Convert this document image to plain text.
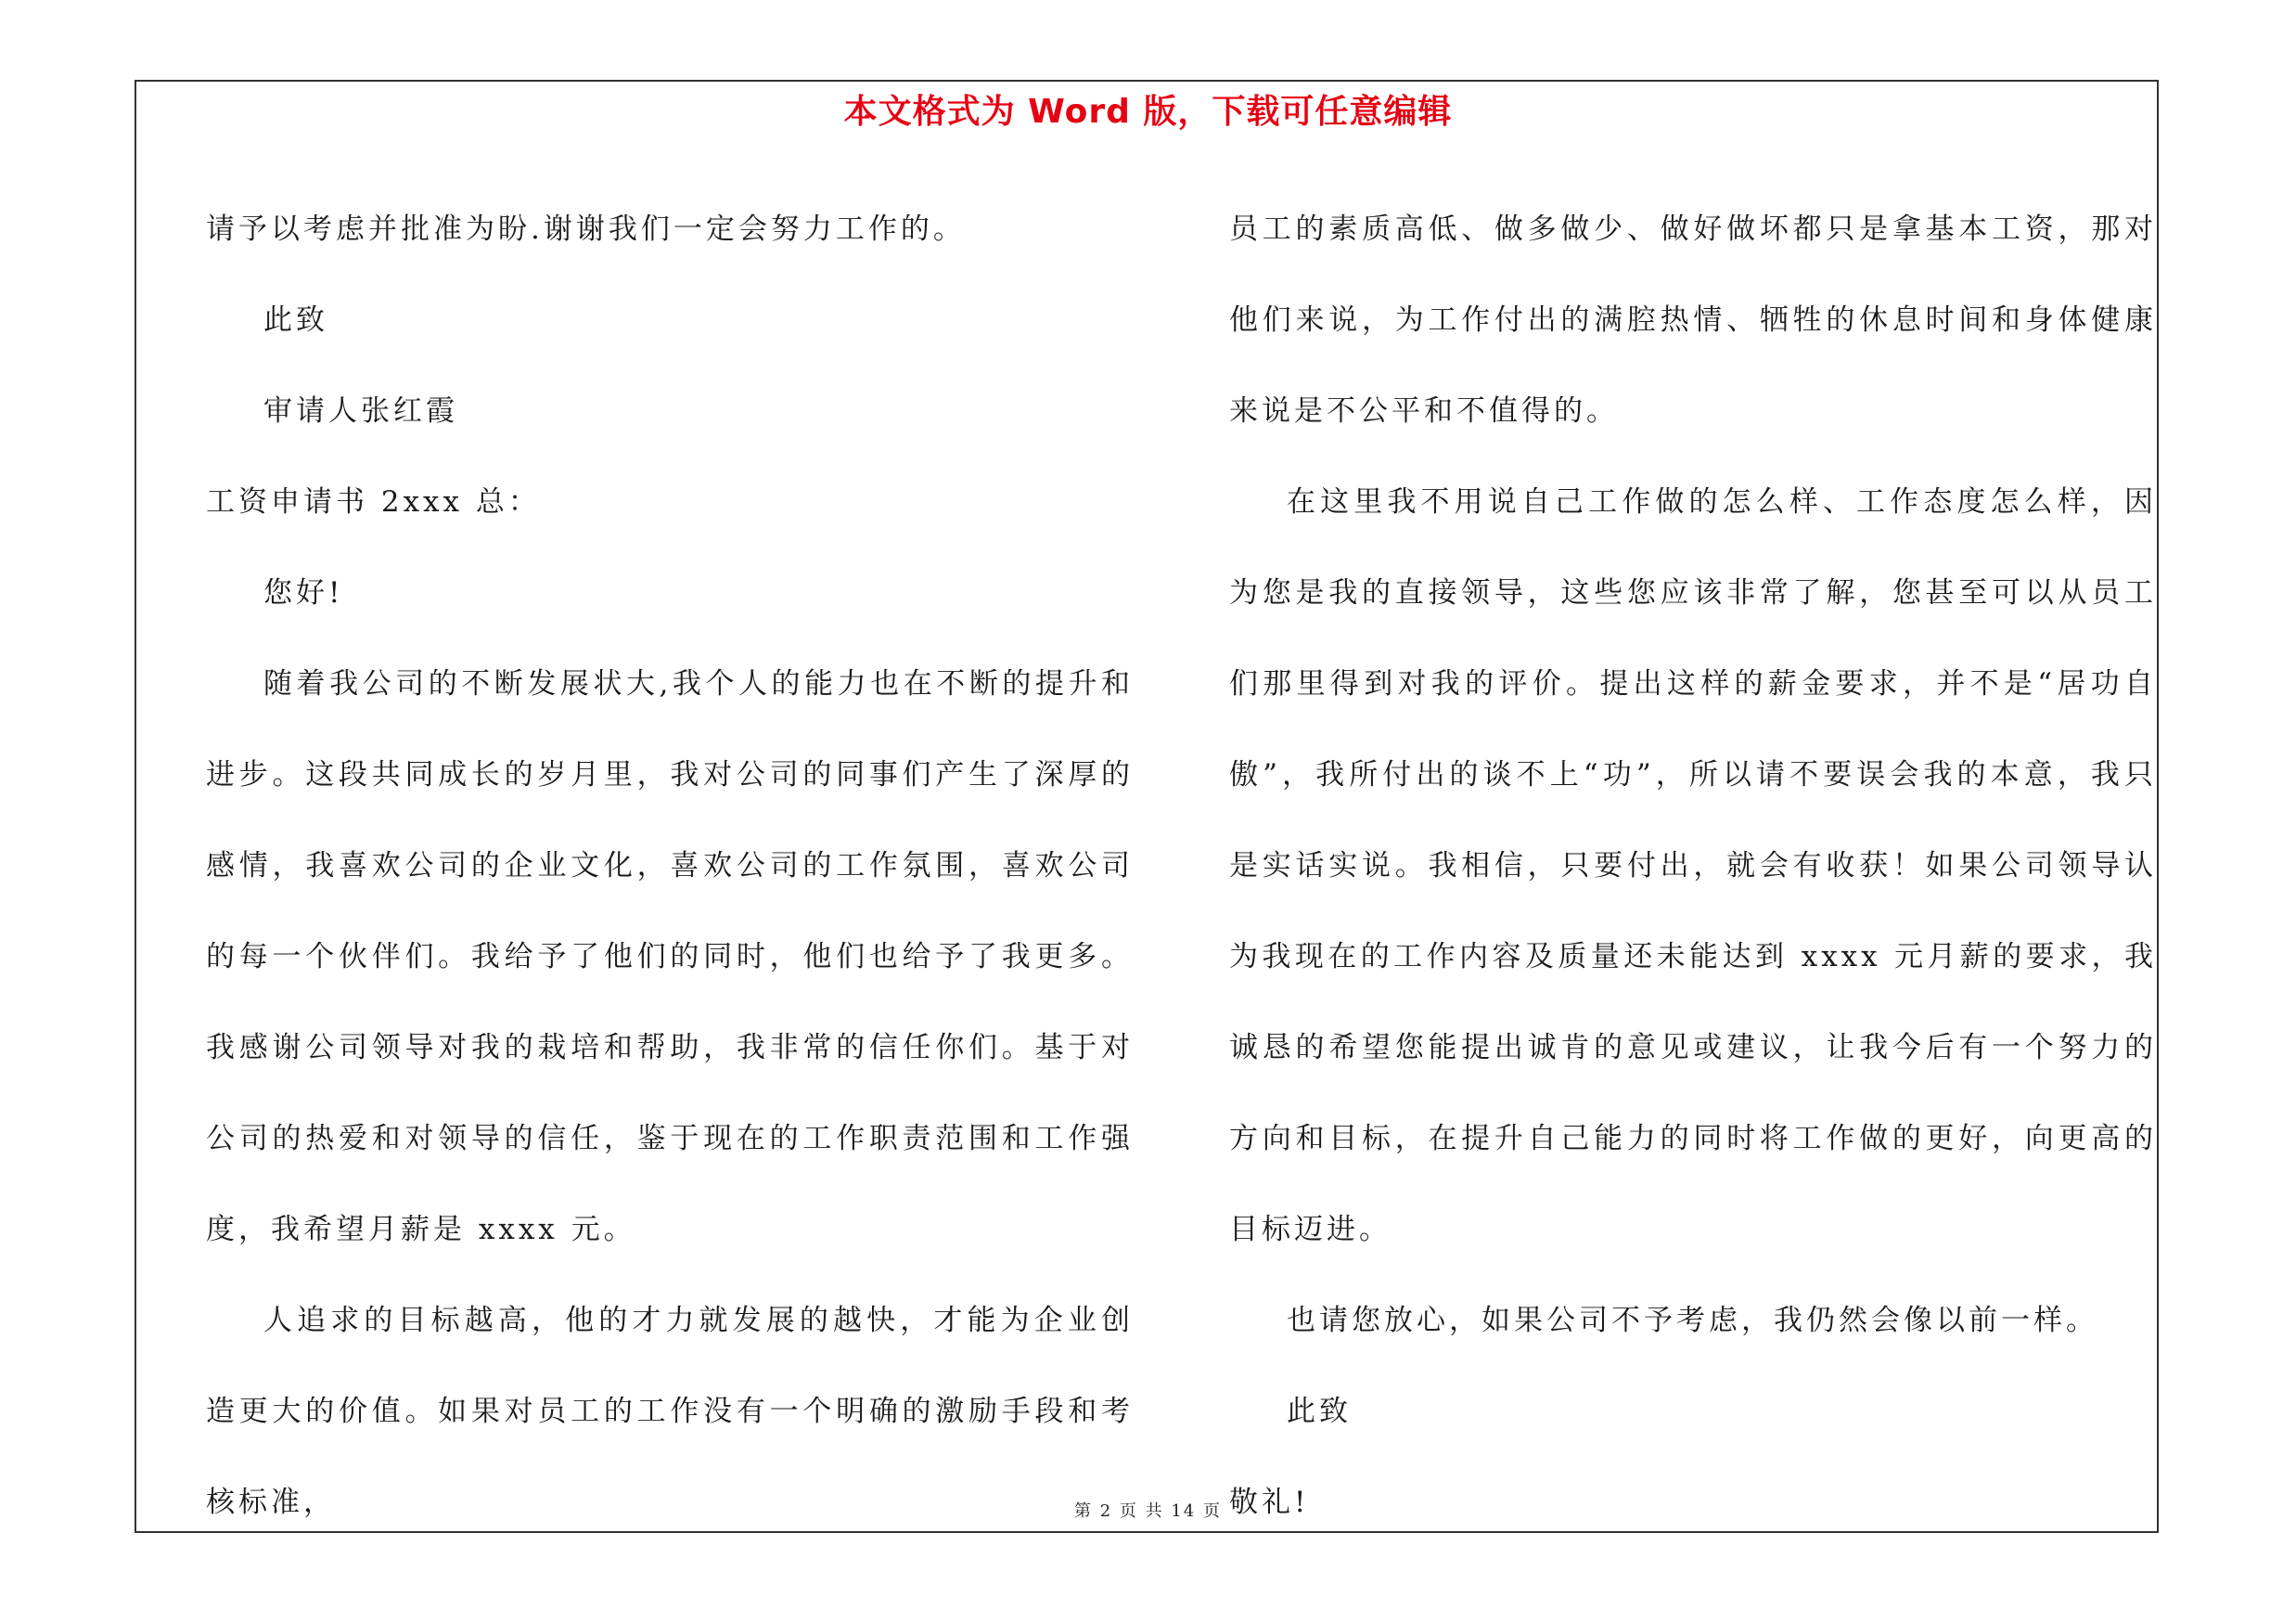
本文格式为 Word 版，下载可任意编辑

请予以考虑并批准为盼.谢谢我们一定会努力工作的。

此致

审请人张红霞

工资申请书 2xxx 总：

您好!

随着我公司的不断发展状大,我个人的能力也在不断的提升和进步。这段共同成长的岁月里，我对公司的同事们产生了深厚的感情，我喜欢公司的企业文化，喜欢公司的工作氛围，喜欢公司的每一个伙伴们。我给予了他们的同时，他们也给予了我更多。我感谢公司领导对我的栽培和帮助，我非常的信任你们。基于对公司的热爱和对领导的信任，鉴于现在的工作职责范围和工作强度，我希望月薪是 xxxx 元。

人追求的目标越高，他的才力就发展的越快，才能为企业创造更大的价值。如果对员工的工作没有一个明确的激励手段和考核标准，

员工的素质高低、做多做少、做好做坏都只是拿基本工资，那对他们来说，为工作付出的满腔热情、牺牲的休息时间和身体健康来说是不公平和不值得的。

在这里我不用说自己工作做的怎么样、工作态度怎么样，因为您是我的直接领导，这些您应该非常了解，您甚至可以从员工们那里得到对我的评价。提出这样的薪金要求，并不是“居功自傲”，我所付出的谈不上“功”，所以请不要误会我的本意，我只是实话实说。我相信，只要付出，就会有收获！如果公司领导认为我现在的工作内容及质量还未能达到 xxxx 元月薪的要求，我诚恳的希望您能提出诚肯的意见或建议，让我今后有一个努力的方向和目标，在提升自己能力的同时将工作做的更好，向更高的目标迈进。

也请您放心，如果公司不予考虑，我仍然会像以前一样。

此致

敬礼!

第 2 页 共 14 页
